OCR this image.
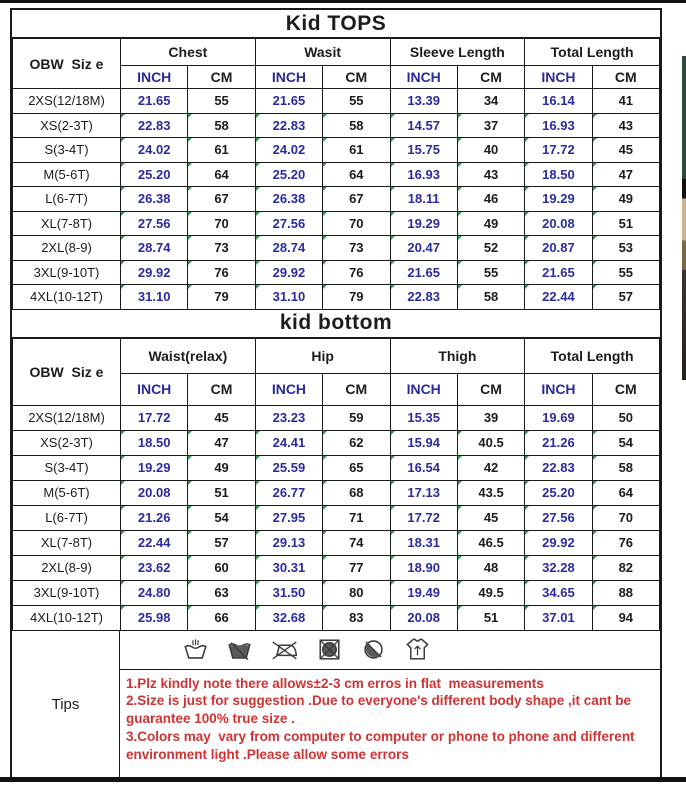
Kid TOPS
OBW  Siz e	Chest		Wasit		Sleeve Length		Total Length	
	INCH	CM	INCH	CM	INCH	CM	INCH	CM
2XS(12/18M)	21.65	55	21.65	55	13.39	34	16.14	41
XS(2-3T)	22.83	58	22.83	58	14.57	37	16.93	43
S(3-4T)	24.02	61	24.02	61	15.75	40	17.72	45
M(5-6T)	25.20	64	25.20	64	16.93	43	18.50	47
L(6-7T)	26.38	67	26.38	67	18.11	46	19.29	49
XL(7-8T)	27.56	70	27.56	70	19.29	49	20.08	51
2XL(8-9)	28.74	73	28.74	73	20.47	52	20.87	53
3XL(9-10T)	29.92	76	29.92	76	21.65	55	21.65	55
4XL(10-12T)	31.10	79	31.10	79	22.83	58	22.44	57
kid bottom
OBW  Siz e	Waist(relax)		Hip		Thigh		Total Length	
	INCH	CM	INCH	CM	INCH	CM	INCH	CM
2XS(12/18M)	17.72	45	23.23	59	15.35	39	19.69	50
XS(2-3T)	18.50	47	24.41	62	15.94	40.5	21.26	54
S(3-4T)	19.29	49	25.59	65	16.54	42	22.83	58
M(5-6T)	20.08	51	26.77	68	17.13	43.5	25.20	64
L(6-7T)	21.26	54	27.95	71	17.72	45	27.56	70
XL(7-8T)	22.44	57	29.13	74	18.31	46.5	29.92	76
2XL(8-9)	23.62	60	30.31	77	18.90	48	32.28	82
3XL(9-10T)	24.80	63	31.50	80	19.49	49.5	34.65	88
4XL(10-12T)	25.98	66	32.68	83	20.08	51	37.01	94
Tips
1.Plz kindly note there allows±2-3 cm erros in flat  measurements
2.Size is just for suggestion .Due to everyone's different body shape ,it cant be guarantee 100% true size .
3.Colors may  vary from computer to computer or phone to phone and different environment light .Please allow some errors
